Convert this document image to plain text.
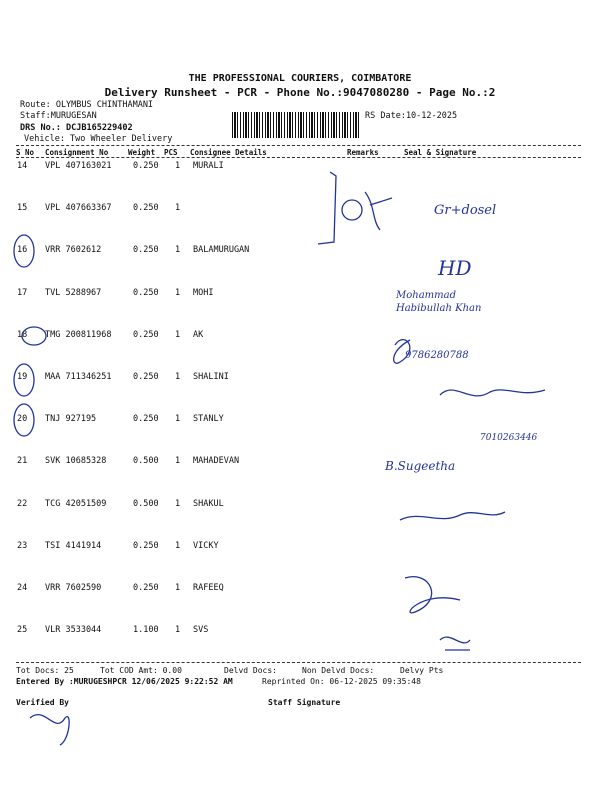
THE PROFESSIONAL COURIERS, COIMBATORE
Delivery Runsheet - PCR - Phone No.:9047080280 - Page No.:2
Route: OLYMBUS CHINTHAMANI
Staff:MURUGESAN
DRS No.: DCJB165229402
Vehicle: Two Wheeler Delivery
RS Date:10-12-2025
S No Consignment No	Weight PCS Consignee Details	Remarks	Seal & Signature
14 VPL 407163021	0.250 1 MURALI
15 VPL 407663367	0.250 1
16 VRR 7602612	0.250 1 BALAMURUGAN
17 TVL 5288967	0.250 1 MOHI
18 TMG 200811968	0.250 1 AK
19 MAA 711346251	0.250 1 SHALINI
20 TNJ 927195	0.250 1 STANLY
21 SVK 10685328	0.500 1 MAHADEVAN
22 TCG 42051509	0.500 1 SHAKUL
23 TSI 4141914	0.250 1 VICKY
24 VRR 7602590	0.250 1 RAFEEQ
25 VLR 3533044	1.100 1 SVS
Gr+dosel
HD
Mohammad
Habibullah Khan
9786280788
7010263446
B.Sugeetha
Tot Docs: 25	Tot COD Amt: 0.00	Delvd Docs:	Non Delvd Docs:	Delvy Pts
Entered By :MURUGESHPCR 12/06/2025 9:22:52 AM	Reprinted On: 06-12-2025 09:35:48
Verified By	Staff Signature
